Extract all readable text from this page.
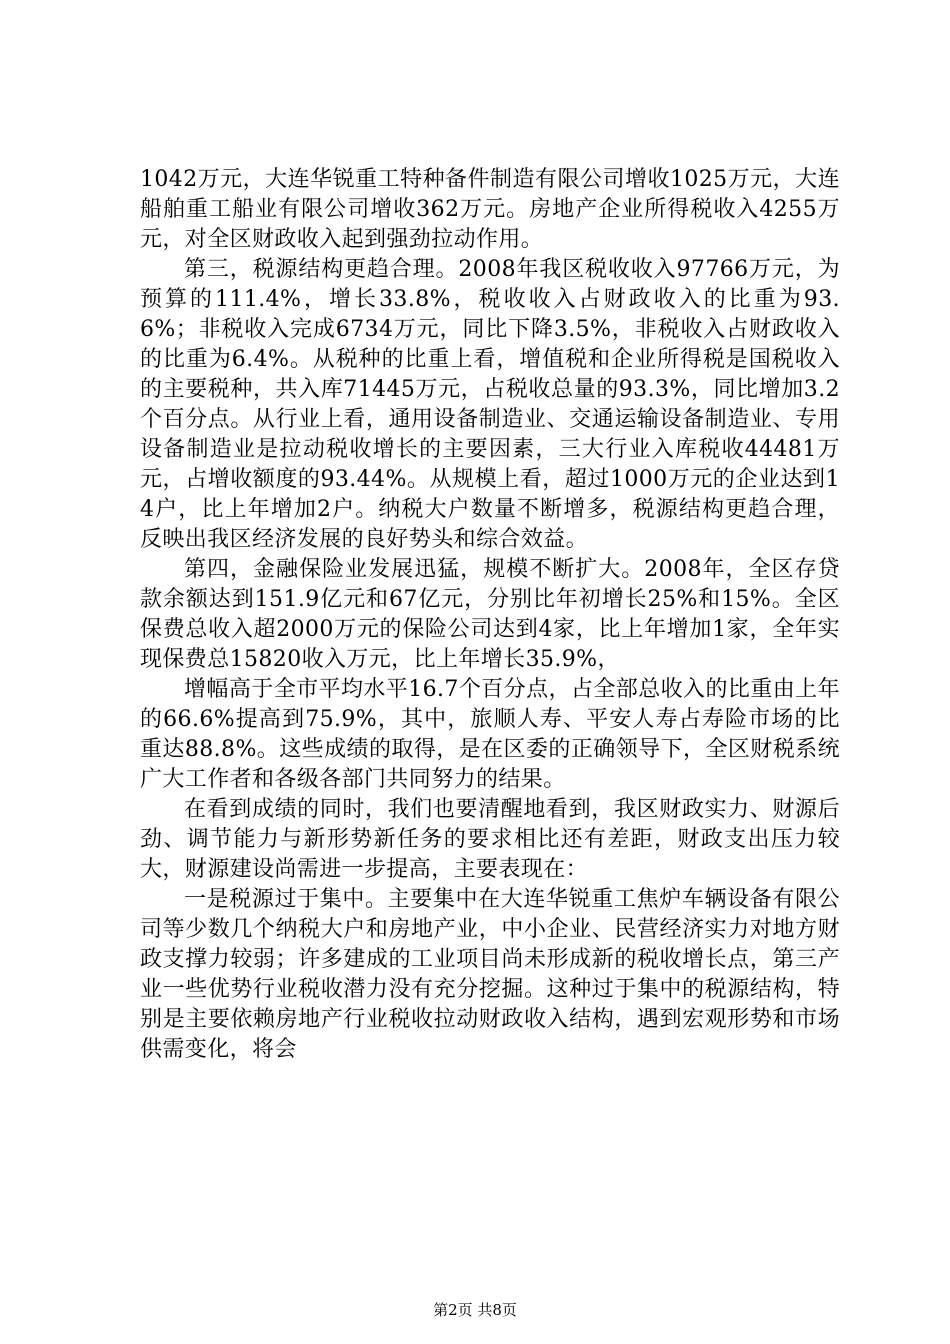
1042万元，大连华锐重工特种备件制造有限公司增收1025万元，大连船舶重工船业有限公司增收362万元。房地产企业所得税收入4255万元，对全区财政收入起到强劲拉动作用。

第三，税源结构更趋合理。2008年我区税收收入97766万元，为预算的111.4%，增长33.8%，税收收入占财政收入的比重为93.6%；非税收入完成6734万元，同比下降3.5%，非税收入占财政收入的比重为6.4%。从税种的比重上看，增值税和企业所得税是国税收入的主要税种，共入库71445万元，占税收总量的93.3%，同比增加3.2个百分点。从行业上看，通用设备制造业、交通运输设备制造业、专用设备制造业是拉动税收增长的主要因素，三大行业入库税收44481万元，占增收额度的93.44%。从规模上看，超过1000万元的企业达到14户，比上年增加2户。纳税大户数量不断增多，税源结构更趋合理，反映出我区经济发展的良好势头和综合效益。

第四，金融保险业发展迅猛，规模不断扩大。2008年，全区存贷款余额达到151.9亿元和67亿元，分别比年初增长25%和15%。全区保费总收入超2000万元的保险公司达到4家，比上年增加1家，全年实现保费总15820收入万元，比上年增长35.9%，

增幅高于全市平均水平16.7个百分点，占全部总收入的比重由上年的66.6%提高到75.9%，其中，旅顺人寿、平安人寿占寿险市场的比重达88.8%。这些成绩的取得，是在区委的正确领导下，全区财税系统广大工作者和各级各部门共同努力的结果。

在看到成绩的同时，我们也要清醒地看到，我区财政实力、财源后劲、调节能力与新形势新任务的要求相比还有差距，财政支出压力较大，财源建设尚需进一步提高，主要表现在：

一是税源过于集中。主要集中在大连华锐重工焦炉车辆设备有限公司等少数几个纳税大户和房地产业，中小企业、民营经济实力对地方财政支撑力较弱；许多建成的工业项目尚未形成新的税收增长点，第三产业一些优势行业税收潜力没有充分挖掘。这种过于集中的税源结构，特别是主要依赖房地产行业税收拉动财政收入结构，遇到宏观形势和市场供需变化，将会

第2页 共8页
